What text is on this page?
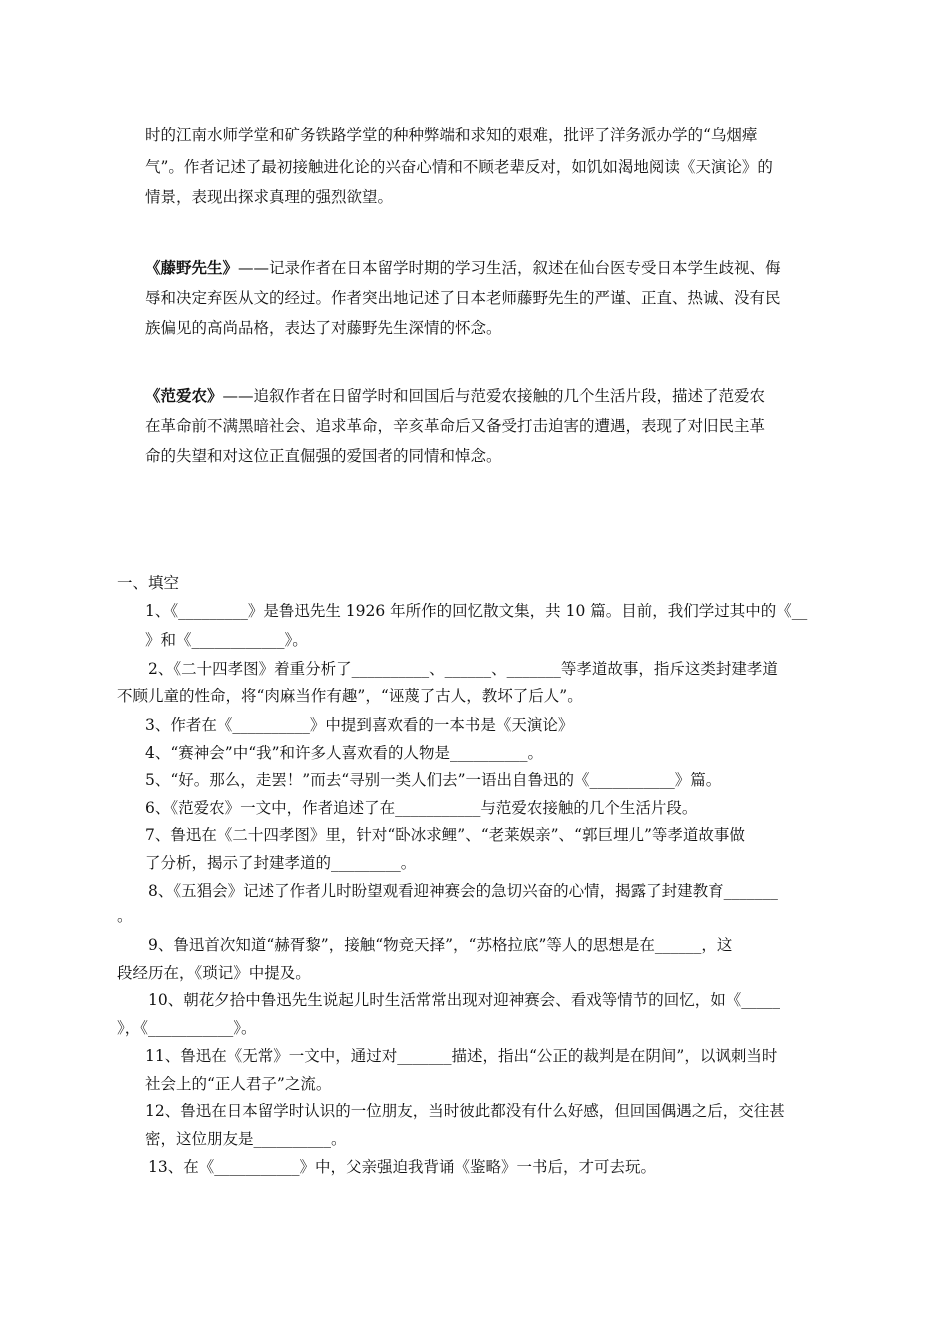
时的江南水师学堂和矿务铁路学堂的种种弊端和求知的艰难，批评了洋务派办学的“乌烟瘴
气”。作者记述了最初接触进化论的兴奋心情和不顾老辈反对，如饥如渴地阅读《天演论》的
情景，表现出探求真理的强烈欲望。
《藤野先生》——记录作者在日本留学时期的学习生活，叙述在仙台医专受日本学生歧视、侮
辱和决定弃医从文的经过。作者突出地记述了日本老师藤野先生的严谨、正直、热诚、没有民
族偏见的高尚品格，表达了对藤野先生深情的怀念。
《范爱农》——追叙作者在日留学时和回国后与范爱农接触的几个生活片段，描述了范爱农
在革命前不满黑暗社会、追求革命，辛亥革命后又备受打击迫害的遭遇，表现了对旧民主革
命的失望和对这位正直倔强的爱国者的同情和悼念。
一、填空
1、《_________》是鲁迅先生 1926 年所作的回忆散文集，共 10 篇。目前，我们学过其中的《__
》和《____________》。
2、《二十四孝图》着重分析了__________、______、_______等孝道故事，指斥这类封建孝道
不顾儿童的性命，将“肉麻当作有趣”，“诬蔑了古人，教坏了后人”。
3、作者在《__________》中提到喜欢看的一本书是《天演论》
4、“赛神会”中“我”和许多人喜欢看的人物是__________。
5、“好。那么，走罢！”而去“寻别一类人们去”一语出自鲁迅的《___________》篇。
6、《范爱农》一文中，作者追述了在___________与范爱农接触的几个生活片段。
7、鲁迅在《二十四孝图》里，针对“卧冰求鲤”、“老莱娱亲”、“郭巨埋儿”等孝道故事做
了分析，揭示了封建孝道的_________。
8、《五猖会》记述了作者儿时盼望观看迎神赛会的急切兴奋的心情，揭露了封建教育_______
。
9、鲁迅首次知道“赫胥黎”，接触“物竞天择”，“苏格拉底”等人的思想是在______，这
段经历在，《琐记》中提及。
10、朝花夕拾中鲁迅先生说起儿时生活常常出现对迎神赛会、看戏等情节的回忆，如《_____
》，《___________》。
11、鲁迅在《无常》一文中，通过对_______描述，指出“公正的裁判是在阴间”，以讽刺当时
社会上的“正人君子”之流。
12、鲁迅在日本留学时认识的一位朋友，当时彼此都没有什么好感，但回国偶遇之后，交往甚
密，这位朋友是__________。
13、在《___________》中，父亲强迫我背诵《鉴略》一书后，才可去玩。
